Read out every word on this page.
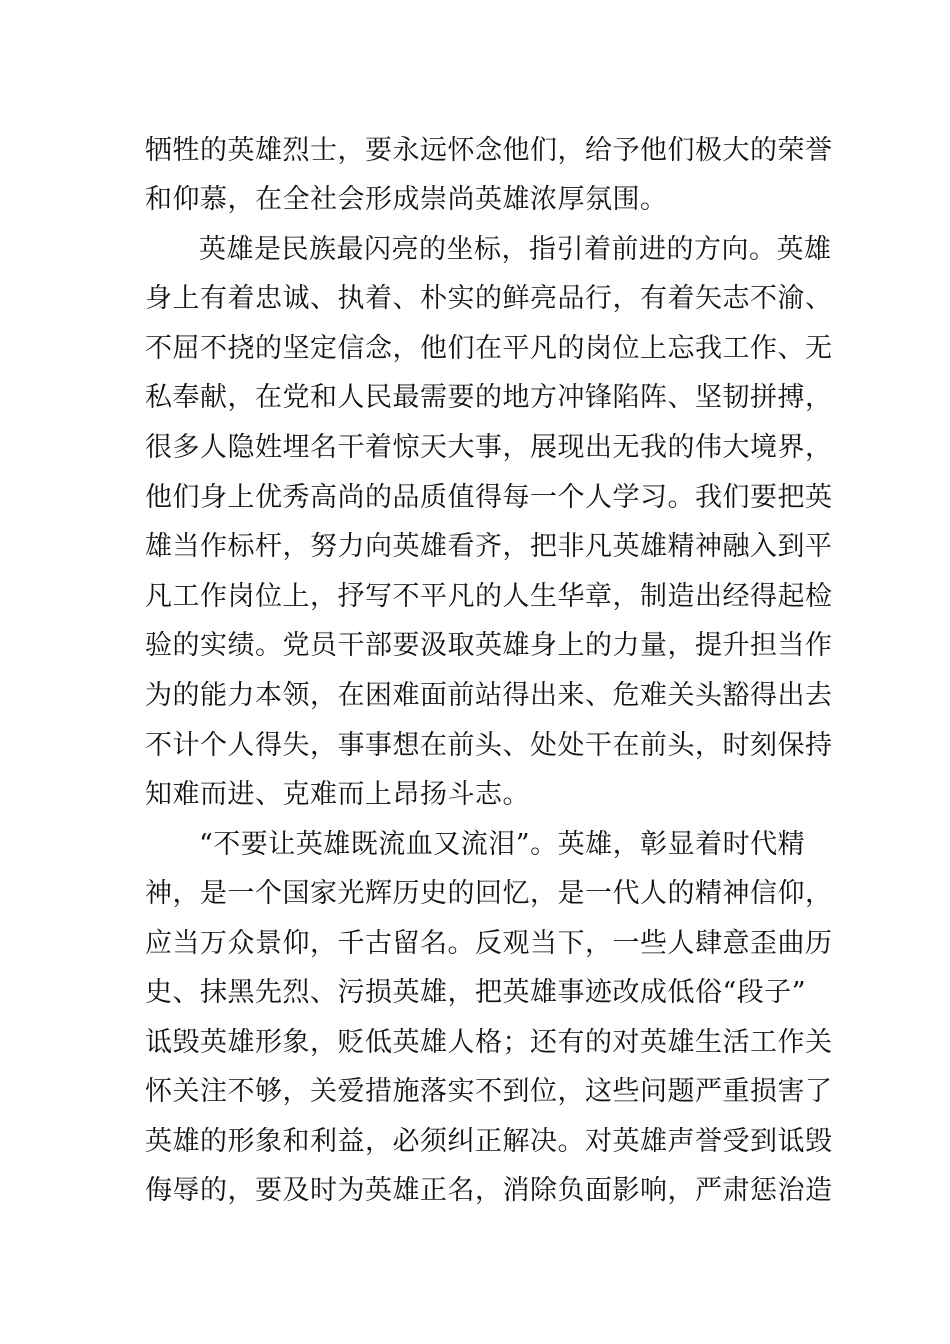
牺牲的英雄烈士，要永远怀念他们，给予他们极大的荣誉

和仰慕，在全社会形成崇尚英雄浓厚氛围。

英雄是民族最闪亮的坐标，指引着前进的方向。英雄

身上有着忠诚、执着、朴实的鲜亮品行，有着矢志不渝、

不屈不挠的坚定信念，他们在平凡的岗位上忘我工作、无

私奉献，在党和人民最需要的地方冲锋陷阵、坚韧拼搏，

很多人隐姓埋名干着惊天大事，展现出无我的伟大境界，

他们身上优秀高尚的品质值得每一个人学习。我们要把英

雄当作标杆，努力向英雄看齐，把非凡英雄精神融入到平

凡工作岗位上，抒写不平凡的人生华章，制造出经得起检

验的实绩。党员干部要汲取英雄身上的力量，提升担当作

为的能力本领，在困难面前站得出来、危难关头豁得出去

不计个人得失，事事想在前头、处处干在前头，时刻保持

知难而进、克难而上昂扬斗志。

“不要让英雄既流血又流泪”。英雄，彰显着时代精

神，是一个国家光辉历史的回忆，是一代人的精神信仰，

应当万众景仰，千古留名。反观当下，一些人肆意歪曲历

史、抹黑先烈、污损英雄，把英雄事迹改成低俗“段子”

诋毁英雄形象，贬低英雄人格；还有的对英雄生活工作关

怀关注不够，关爱措施落实不到位，这些问题严重损害了

英雄的形象和利益，必须纠正解决。对英雄声誉受到诋毁

侮辱的，要及时为英雄正名，消除负面影响，严肃惩治造
